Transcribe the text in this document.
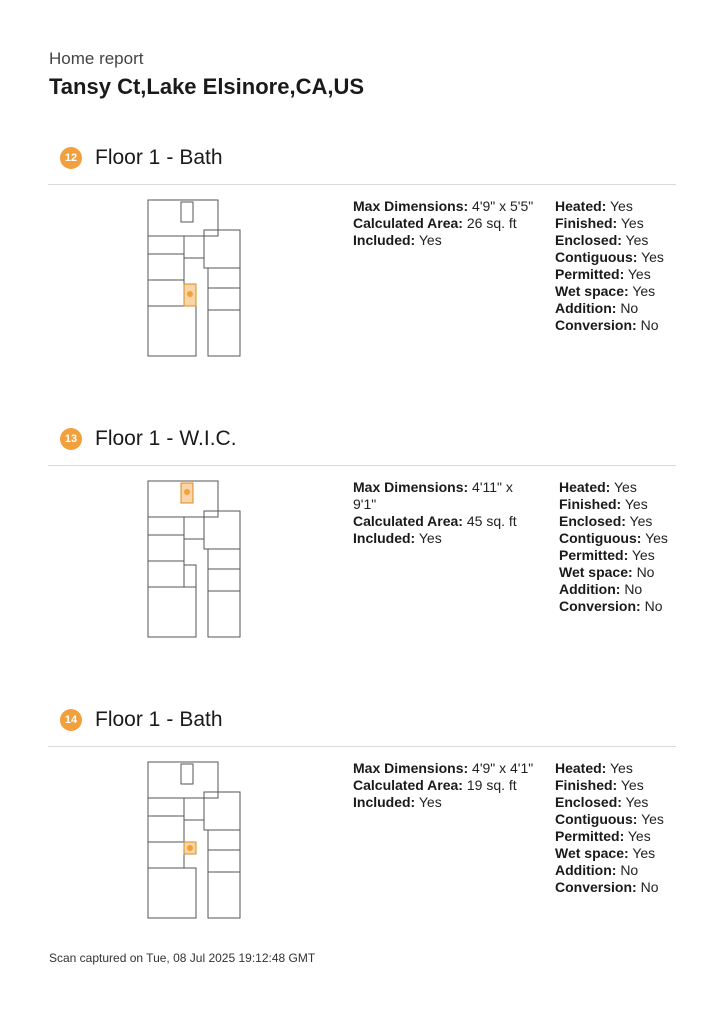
Home report
Tansy Ct,Lake Elsinore,CA,US
12 Floor 1 - Bath
Max Dimensions: 4'9" x 5'5"
Calculated Area: 26 sq. ft
Included: Yes
Heated: Yes
Finished: Yes
Enclosed: Yes
Contiguous: Yes
Permitted: Yes
Wet space: Yes
Addition: No
Conversion: No
13 Floor 1 - W.I.C.
Max Dimensions: 4'11" x 9'1"
Calculated Area: 45 sq. ft
Included: Yes
Heated: Yes
Finished: Yes
Enclosed: Yes
Contiguous: Yes
Permitted: Yes
Wet space: No
Addition: No
Conversion: No
14 Floor 1 - Bath
Max Dimensions: 4'9" x 4'1"
Calculated Area: 19 sq. ft
Included: Yes
Heated: Yes
Finished: Yes
Enclosed: Yes
Contiguous: Yes
Permitted: Yes
Wet space: Yes
Addition: No
Conversion: No
Scan captured on Tue, 08 Jul 2025 19:12:48 GMT
